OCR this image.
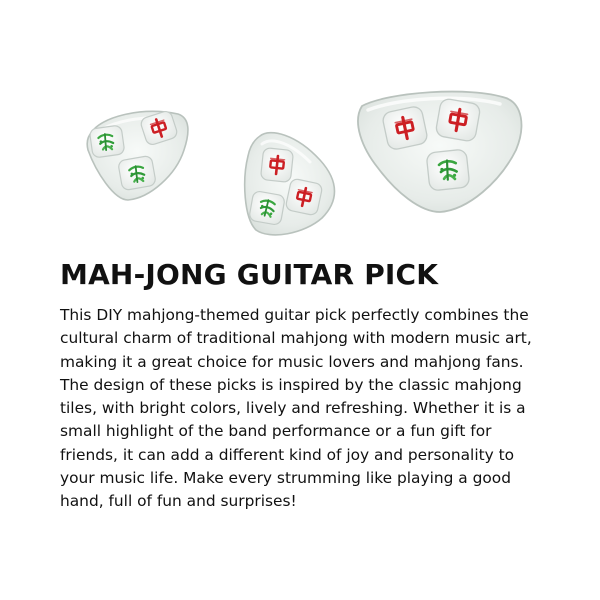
MAH-JONG GUITAR PICK

This DIY mahjong-themed guitar pick perfectly combines the cultural charm of traditional mahjong with modern music art, making it a great choice for music lovers and mahjong fans. The design of these picks is inspired by the classic mahjong tiles, with bright colors, lively and refreshing. Whether it is a small highlight of the band performance or a fun gift for friends, it can add a different kind of joy and personality to your music life. Make every strumming like playing a good hand, full of fun and surprises!
